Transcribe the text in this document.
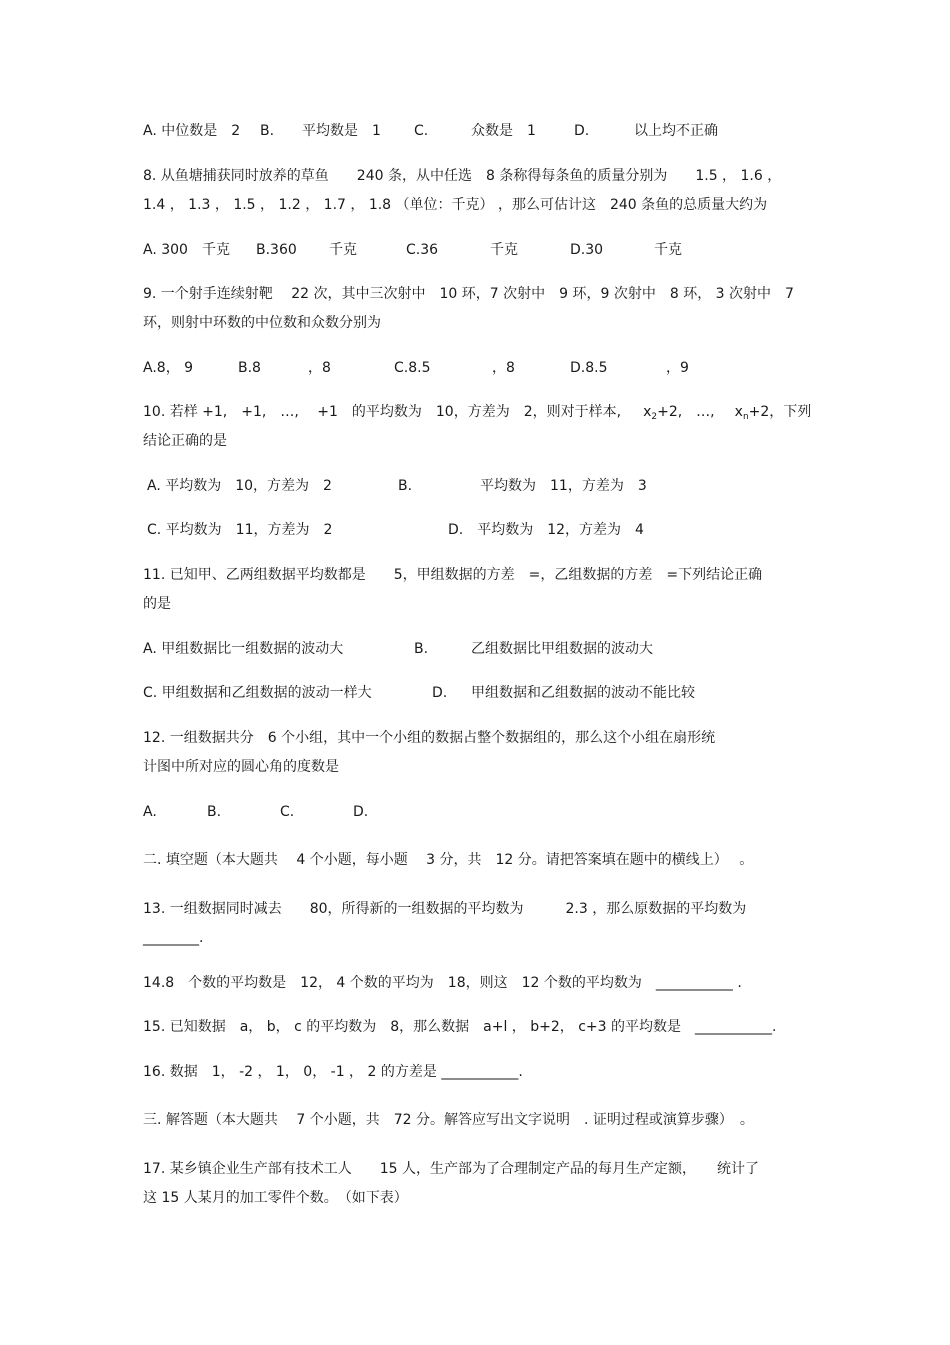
A. 中位数是　2 B.　　平均数是　1 C.	众数是　1	D.	以上均不正确
8. 从鱼塘捕获同时放养的草鱼　　240 条，从中任选　8 条称得每条鱼的质量分别为　　1.5 ， 1.6 ，
1.4 ， 1.3 ， 1.5 ， 1.2 ， 1.7 ， 1.8 （单位：千克） ，那么可估计这　240 条鱼的总质量大约为
A. 300　千克 B.360 千克	C.36	千克	D.30	千克
9. 一个射手连续射靶　 22 次，其中三次射中　10 环，7 次射中　9 环，9 次射中　8 环， 3 次射中　7
环，则射中环数的中位数和众数分别为
A.8， 9	B.8	，8	C.8.5	，8	D.8.5	，9
10. 若样 +1,　+1,　…,　 +1　的平均数为　10，方差为　2，则对于样本, $x_2+2$,　…, $x_n+2$，下列
结论正确的是
A. 平均数为　10，方差为　2	B.	平均数为　11，方差为　3
C. 平均数为　11，方差为　2	D.　平均数为　12，方差为　4
11. 已知甲、乙两组数据平均数都是　　5，甲组数据的方差　=，乙组数据的方差　=下列结论正确
的是
A. 甲组数据比一组数据的波动大	B.	乙组数据比甲组数据的波动大
C. 甲组数据和乙组数据的波动一样大	D. 甲组数据和乙组数据的波动不能比较
12. 一组数据共分　6 个小组，其中一个小组的数据占整个数据组的，那么这个小组在扇形统
计图中所对应的圆心角的度数是
A.	B.	C.	D.
二. 填空题（本大题共　 4 个小题，每小题　 3 分，共　12 分。请把答案填在题中的横线上）　 。
13. 一组数据同时减去　　80，所得新的一组数据的平均数为　　　2.3 ，那么原数据的平均数为
________.
14.8　个数的平均数是　12， 4 个数的平均为　18，则这　12 个数的平均数为　___________ .
15. 已知数据　a， b， c 的平均数为　8，那么数据　a+l ， b+2， c+3 的平均数是　___________.
16. 数据　1， -2 ， 1， 0， -1 ， 2 的方差是 ___________.
三. 解答题（本大题共　 7 个小题，共　72 分。解答应写出文字说明　. 证明过程或演算步骤）　。
17. 某乡镇企业生产部有技术工人　　15 人，生产部为了合理制定产品的每月生产定额，　　统计了
这 15 人某月的加工零件个数。　（如下表）
